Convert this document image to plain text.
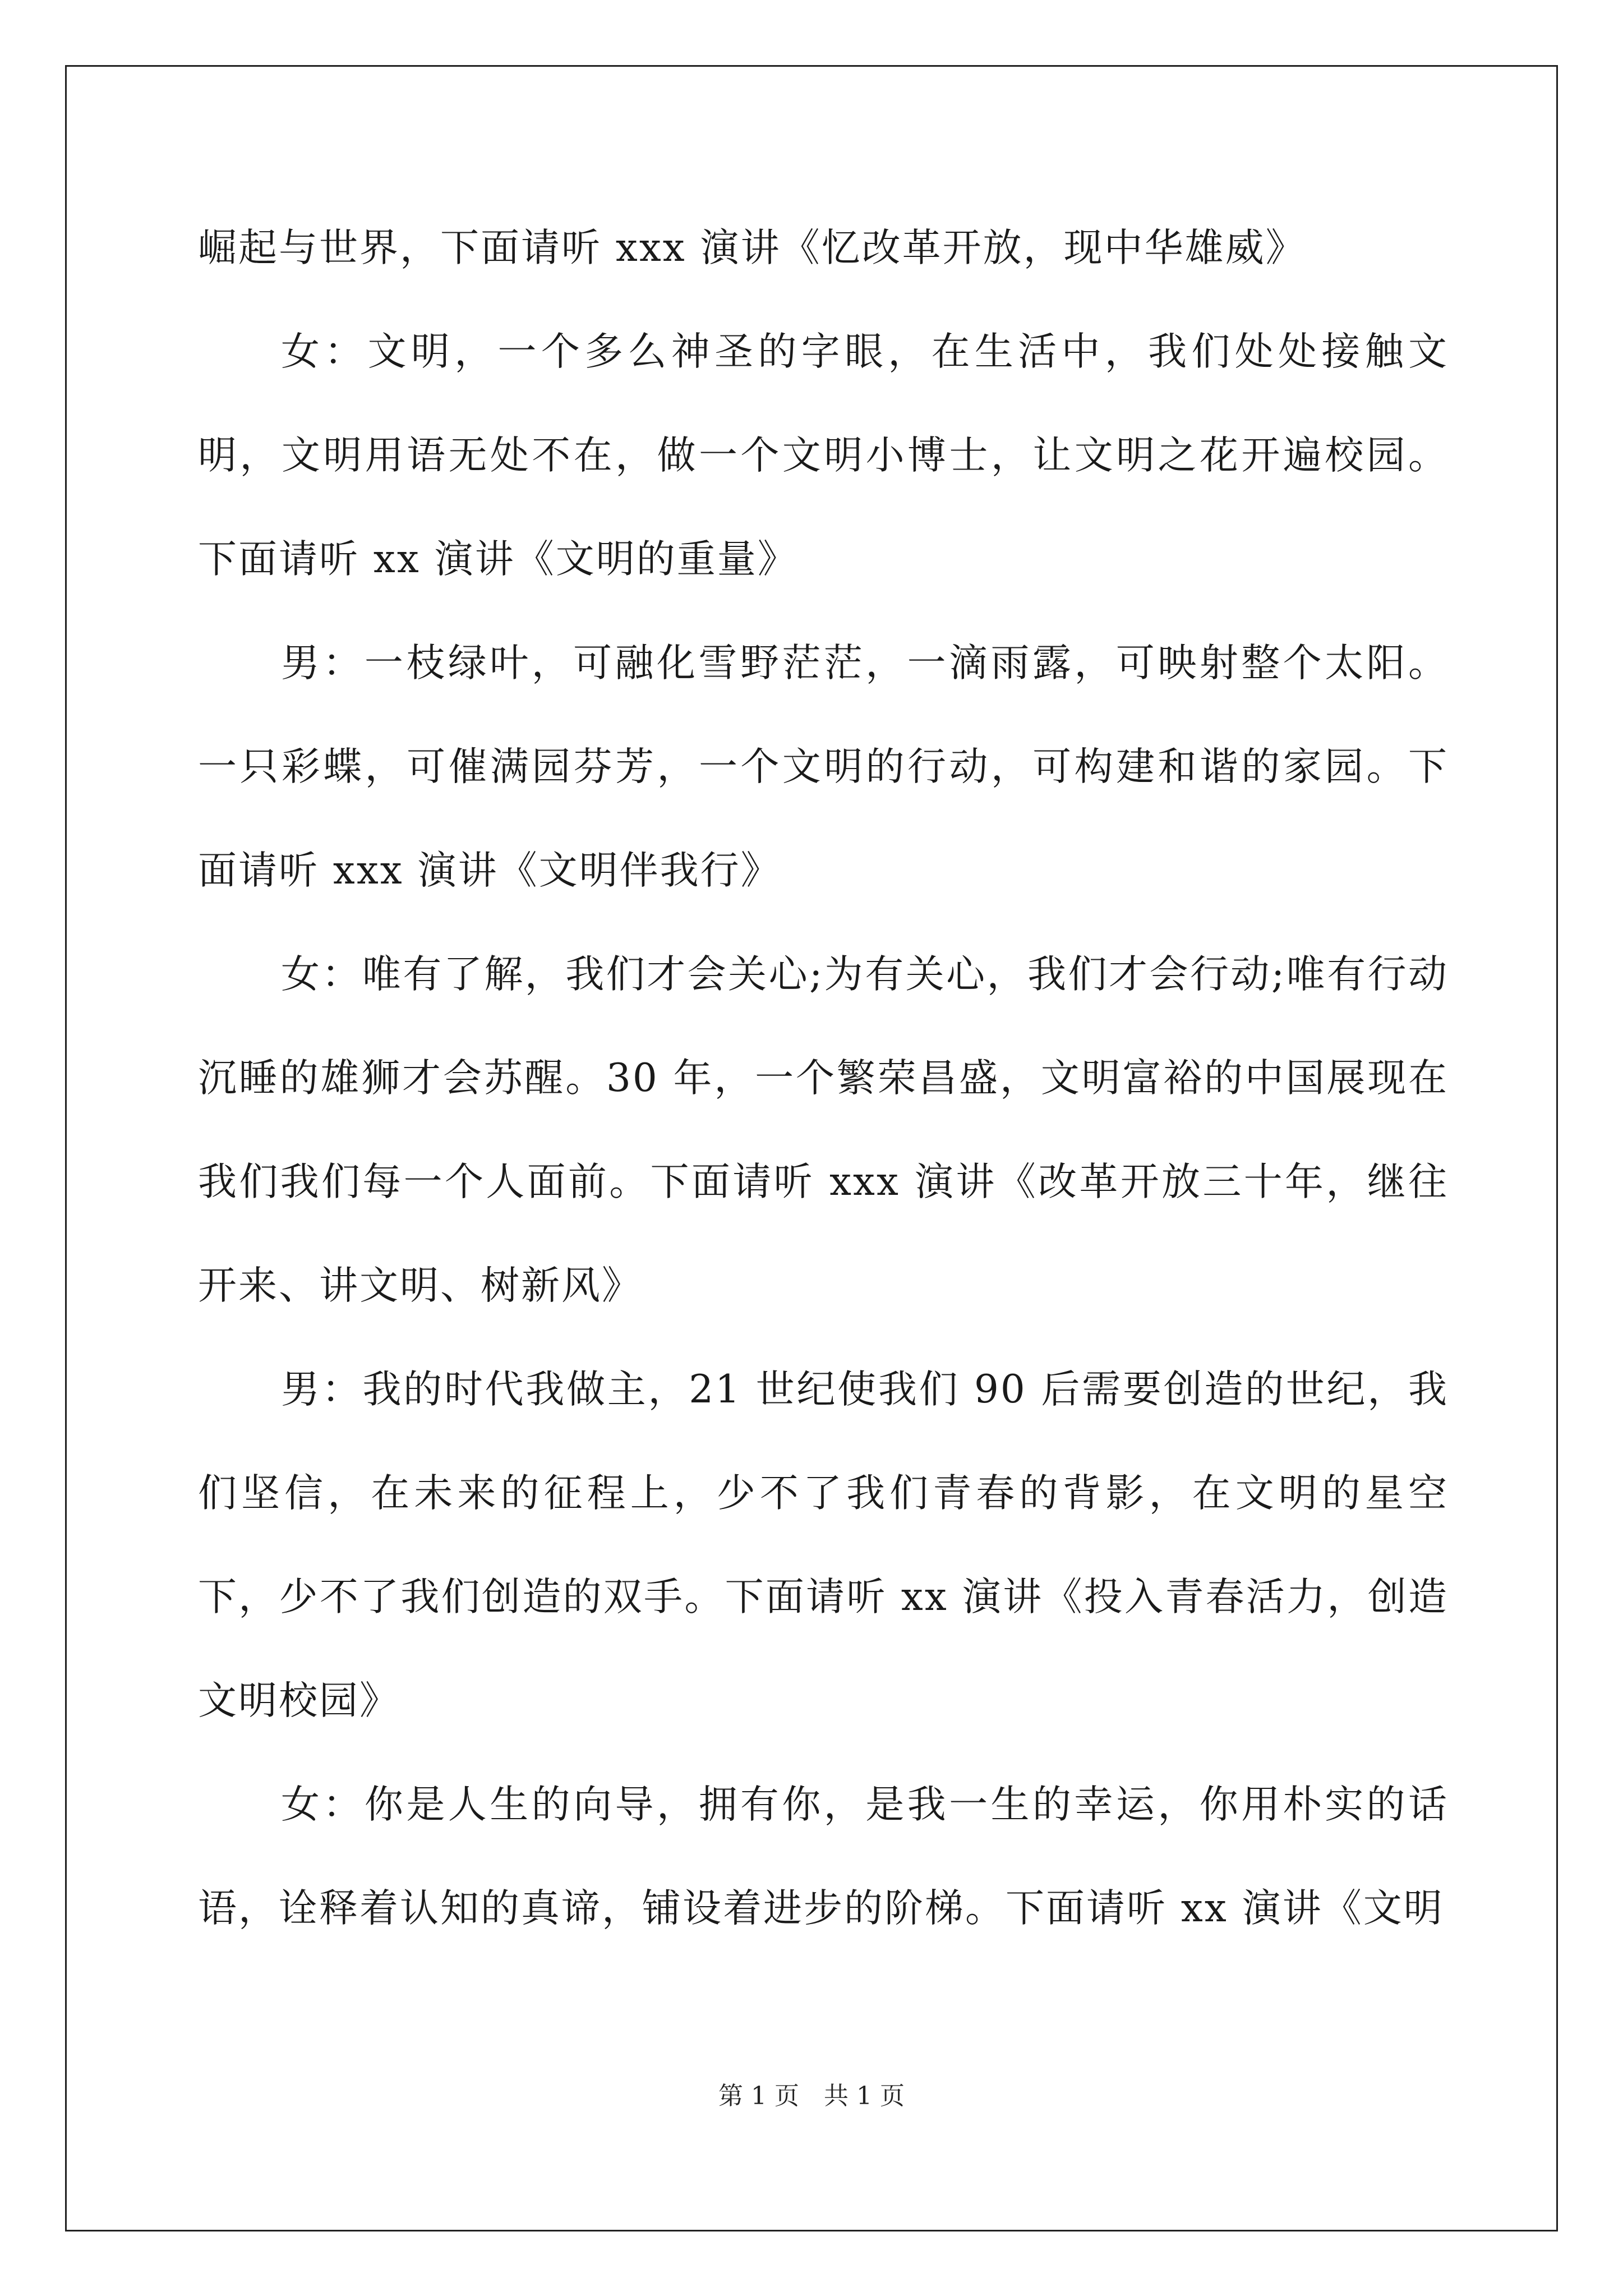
崛起与世界，下面请听 xxx 演讲《忆改革开放，现中华雄威》

女：文明，一个多么神圣的字眼，在生活中，我们处处接触文明，文明用语无处不在，做一个文明小博士，让文明之花开遍校园。下面请听 xx 演讲《文明的重量》

男：一枝绿叶，可融化雪野茫茫，一滴雨露，可映射整个太阳。一只彩蝶，可催满园芬芳，一个文明的行动，可构建和谐的家园。下面请听 xxx 演讲《文明伴我行》

女：唯有了解，我们才会关心;为有关心，我们才会行动;唯有行动沉睡的雄狮才会苏醒。30 年，一个繁荣昌盛，文明富裕的中国展现在我们我们每一个人面前。下面请听 xxx 演讲《改革开放三十年，继往开来、讲文明、树新风》

男：我的时代我做主，21 世纪使我们 90 后需要创造的世纪，我们坚信，在未来的征程上，少不了我们青春的背影，在文明的星空下，少不了我们创造的双手。下面请听 xx 演讲《投入青春活力，创造文明校园》

女：你是人生的向导，拥有你，是我一生的幸运，你用朴实的话语，诠释着认知的真谛，铺设着进步的阶梯。下面请听 xx 演讲《文明

第 1 页　共 1 页
